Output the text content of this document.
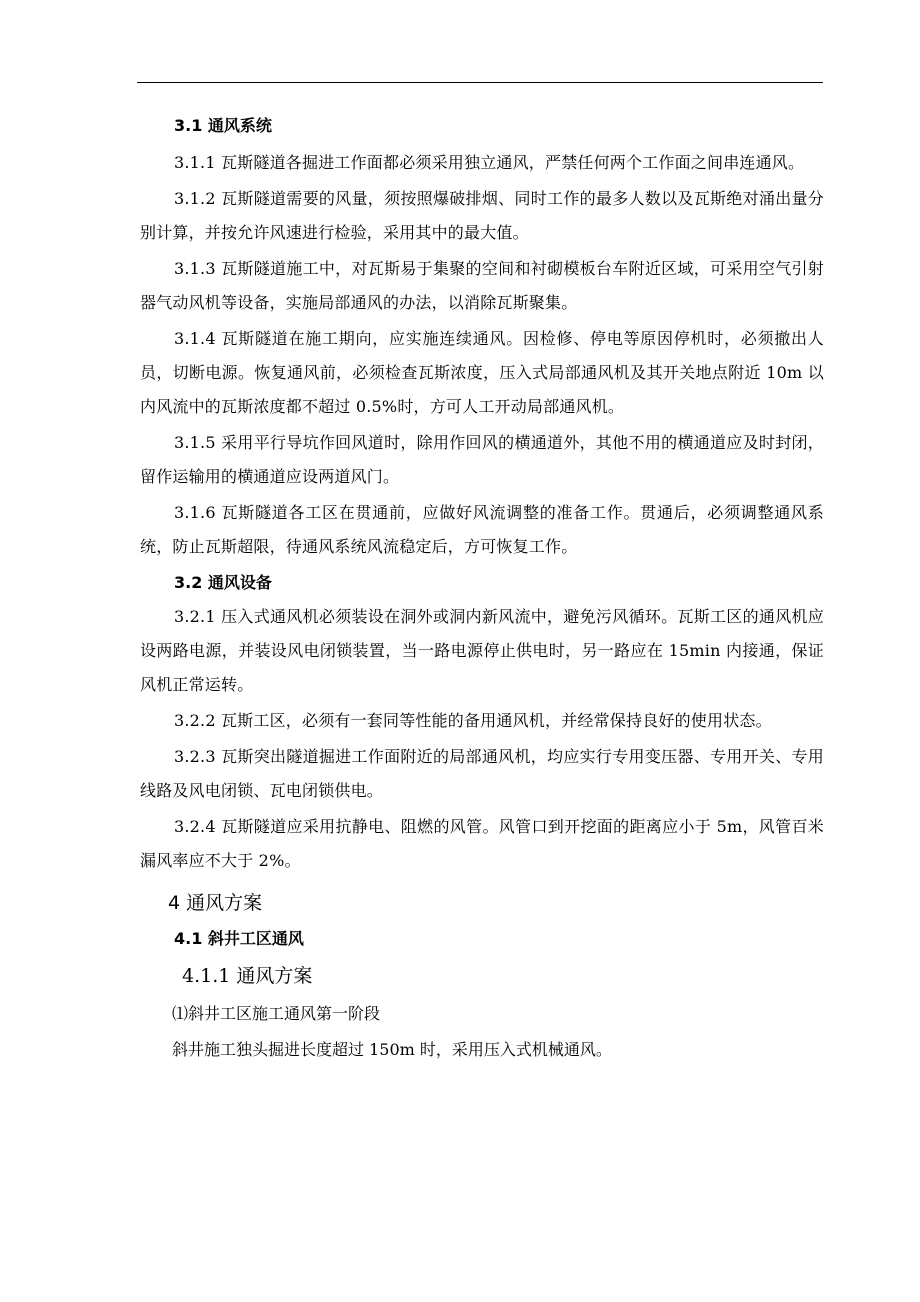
3.1 通风系统

3.1.1 瓦斯隧道各掘进工作面都必须采用独立通风，严禁任何两个工作面之间串连通风。

3.1.2 瓦斯隧道需要的风量，须按照爆破排烟、同时工作的最多人数以及瓦斯绝对涌出量分别计算，并按允许风速进行检验，采用其中的最大值。

3.1.3 瓦斯隧道施工中，对瓦斯易于集聚的空间和衬砌模板台车附近区域，可采用空气引射器气动风机等设备，实施局部通风的办法，以消除瓦斯聚集。

3.1.4 瓦斯隧道在施工期向，应实施连续通风。因检修、停电等原因停机时，必须撤出人员，切断电源。恢复通风前，必须检查瓦斯浓度，压入式局部通风机及其开关地点附近 10m 以内风流中的瓦斯浓度都不超过 0.5%时，方可人工开动局部通风机。

3.1.5 采用平行导坑作回风道时，除用作回风的横通道外，其他不用的横通道应及时封闭，留作运输用的横通道应设两道风门。

3.1.6 瓦斯隧道各工区在贯通前，应做好风流调整的准备工作。贯通后，必须调整通风系统，防止瓦斯超限，待通风系统风流稳定后，方可恢复工作。

3.2 通风设备

3.2.1 压入式通风机必须装设在洞外或洞内新风流中，避免污风循环。瓦斯工区的通风机应设两路电源，并装设风电闭锁装置，当一路电源停止供电时，另一路应在 15min 内接通，保证风机正常运转。

3.2.2 瓦斯工区，必须有一套同等性能的备用通风机，并经常保持良好的使用状态。

3.2.3 瓦斯突出隧道掘进工作面附近的局部通风机，均应实行专用变压器、专用开关、专用线路及风电闭锁、瓦电闭锁供电。

3.2.4 瓦斯隧道应采用抗静电、阻燃的风管。风管口到开挖面的距离应小于 5m，风管百米漏风率应不大于 2%。

4 通风方案
4.1 斜井工区通风
4.1.1 通风方案
⑴斜井工区施工通风第一阶段
斜井施工独头掘进长度超过 150m 时，采用压入式机械通风。
